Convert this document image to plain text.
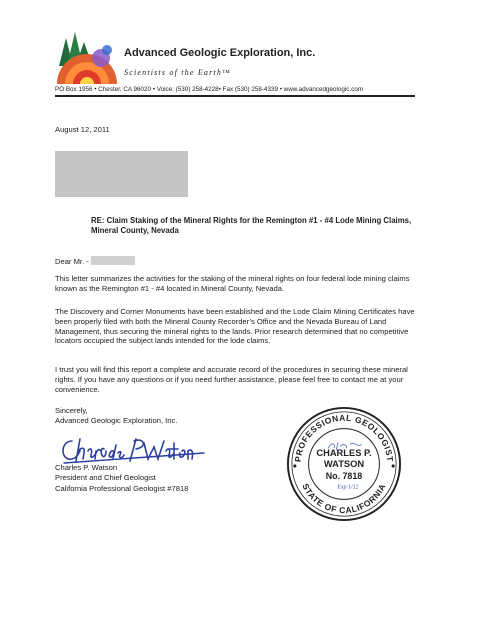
Advanced Geologic Exploration, Inc.
Scientists of the Earth™
PO Box 1956 • Chester, CA 96020 • Voice: (530) 258-4228• Fax (530) 258-4339 • www.advancedgeologic.com
August 12, 2011
RE: Claim Staking of the Mineral Rights for the Remington #1 - #4 Lode Mining Claims, Mineral County, Nevada
Dear Mr. -
This letter summarizes the activities for the staking of the mineral rights on four federal lode mining claims known as the Remington #1 - #4 located in Mineral County, Nevada.
The Discovery and Corner Monuments have been established and the Lode Claim Mining Certificates have been properly filed with both the Mineral County Recorder’s Office and the Nevada Bureau of Land Management, thus securing the mineral rights to the lands. Prior research determined that no competitive locators occupied the subject lands intended for the lode claims.
I trust you will find this report a complete and accurate record of the procedures in securing these mineral rights. If you have any questions or if you need further assistance, please feel free to contact me at your convenience.
Sincerely,
Advanced Geologic Exploration, Inc.
Charles P. Watson
President and Chief Geologist
California Professional Geologist #7818
PROFESSIONAL GEOLOGIST
STATE OF CALIFORNIA
CHARLES P.
WATSON
No. 7818
Exp 1/12
